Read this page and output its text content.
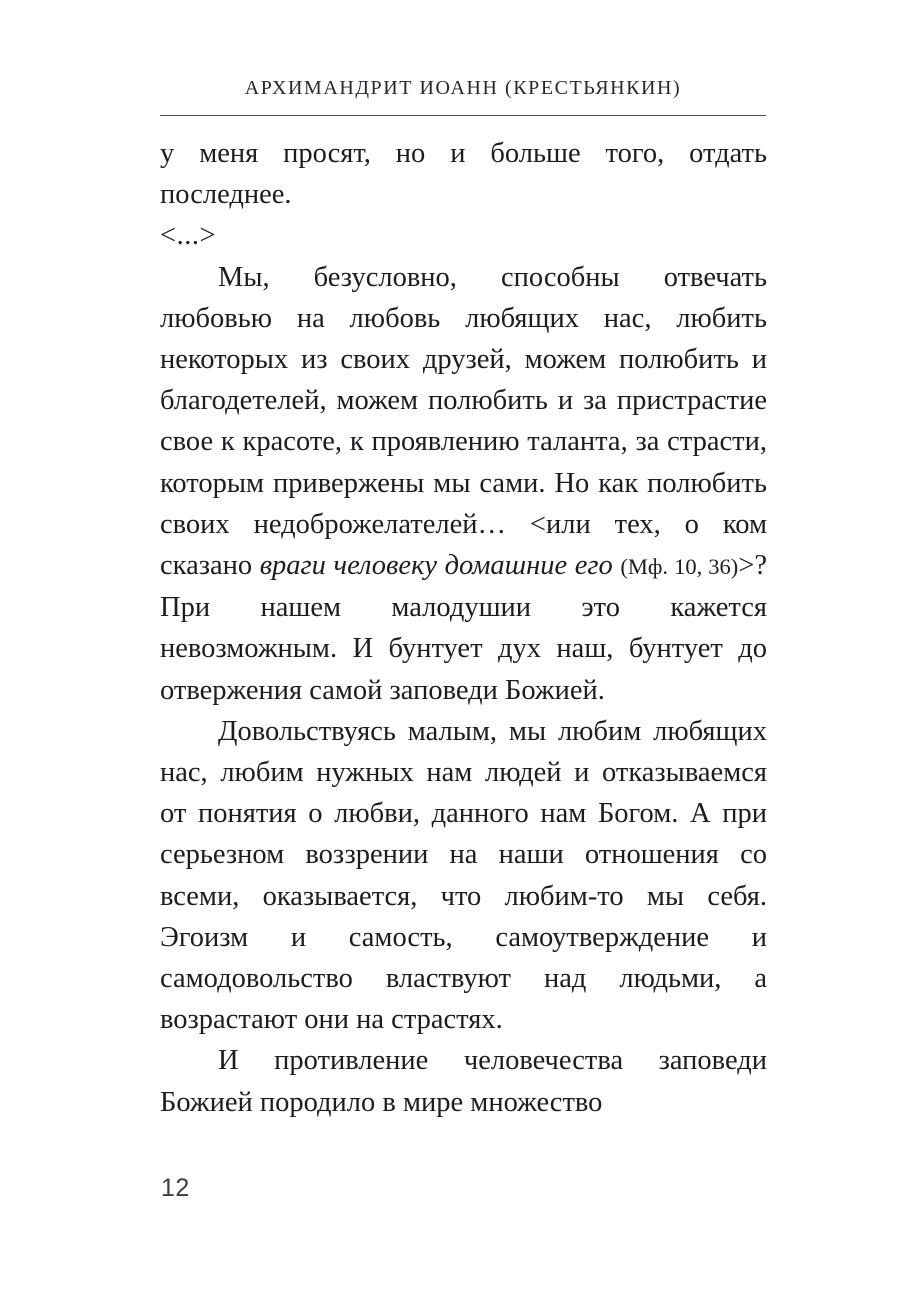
АРХИМАНДРИТ ИОАНН (КРЕСТЬЯНКИН)

у меня просят, но и больше того, отдать последнее.

<...>

Мы, безусловно, способны отвечать любовью на любовь любящих нас, любить некоторых из своих друзей, можем полюбить и благодетелей, можем полюбить и за пристрастие свое к красоте, к проявлению таланта, за страсти, которым привержены мы сами. Но как полюбить своих недоброжелателей… <или тех, о ком сказано враги человеку домашние его (Мф. 10, 36)>? При нашем малодушии это кажется невозможным. И бунтует дух наш, бунтует до отвержения самой заповеди Божией.

Довольствуясь малым, мы любим любящих нас, любим нужных нам людей и отказываемся от понятия о любви, данного нам Богом. А при серьезном воззрении на наши отношения со всеми, оказывается, что любим-то мы себя. Эгоизм и самость, самоутверждение и самодовольство властвуют над людьми, а возрастают они на страстях.

И противление человечества заповеди Божией породило в мире множество

12
